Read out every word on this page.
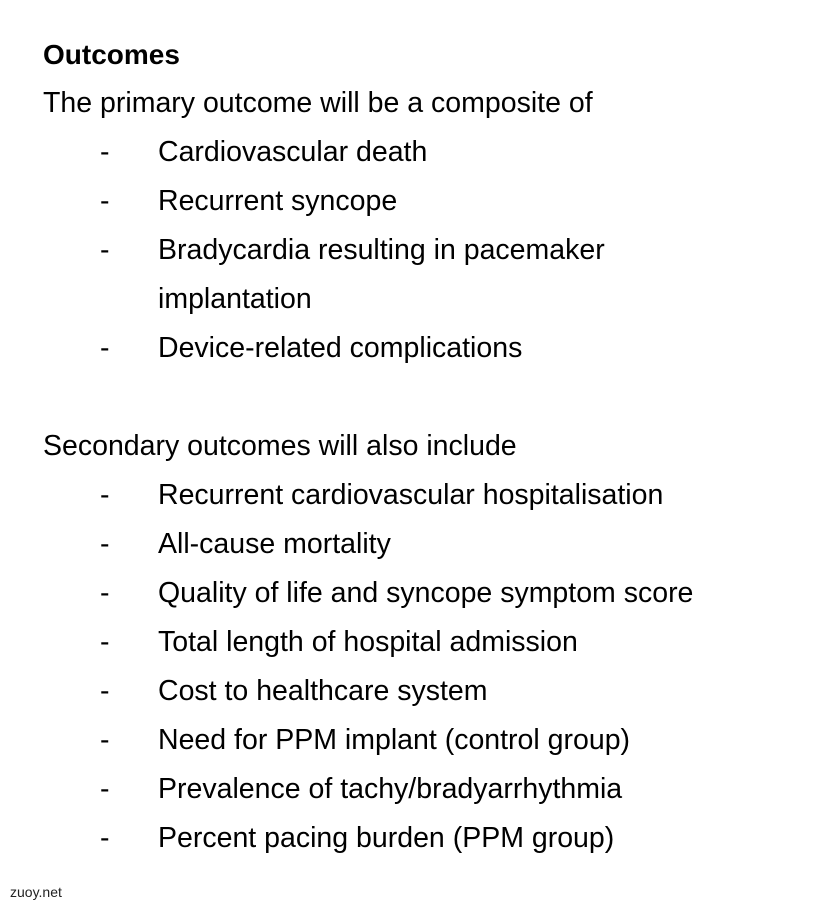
Outcomes
The primary outcome will be a composite of
- Cardiovascular death
- Recurrent syncope
- Bradycardia resulting in pacemaker implantation
- Device-related complications
Secondary outcomes will also include
- Recurrent cardiovascular hospitalisation
- All-cause mortality
- Quality of life and syncope symptom score
- Total length of hospital admission
- Cost to healthcare system
- Need for PPM implant (control group)
- Prevalence of tachy/bradyarrhythmia
- Percent pacing burden (PPM group)
zuoy.net
